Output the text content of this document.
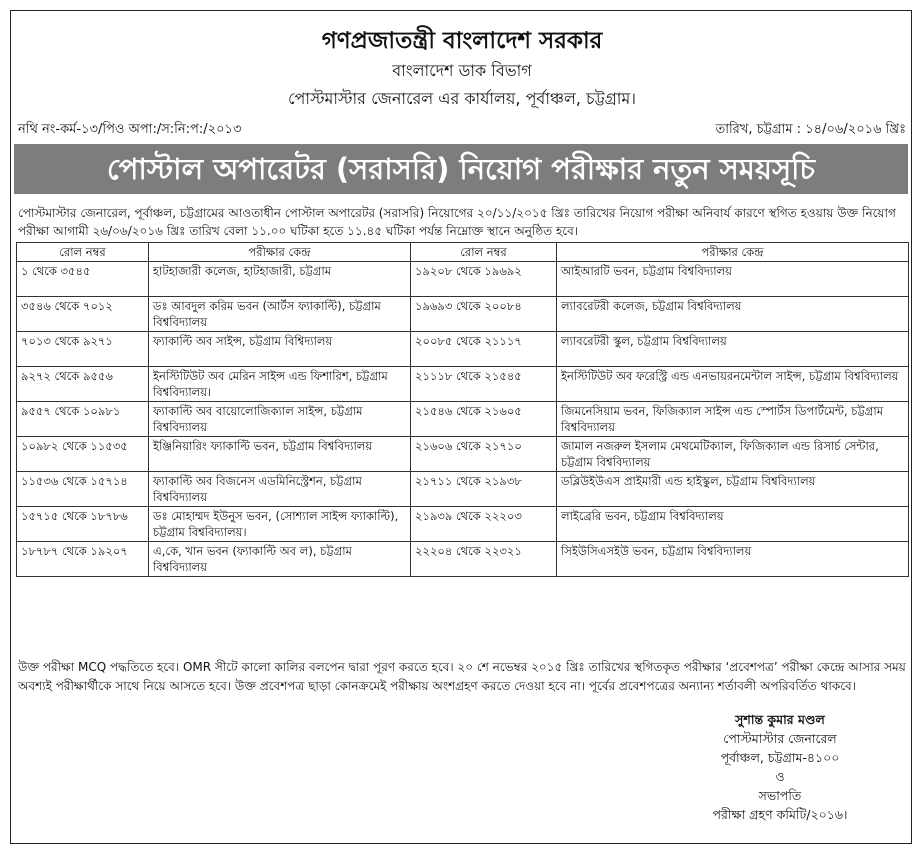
গণপ্রজাতন্ত্রী বাংলাদেশ সরকার
বাংলাদেশ ডাক বিভাগ
পোস্টমাস্টার জেনারেল এর কার্যালয়, পূর্বাঞ্চল, চট্টগ্রাম।
নথি নং-কর্ম-১৩/পিও অপা:/স:নি:প:/২০১৩	তারিখ, চট্টগ্রাম : ১৪/০৬/২০১৬ খ্রিঃ
পোস্টাল অপারেটর (সরাসরি) নিয়োগ পরীক্ষার নতুন সময়সূচি
পোস্টমাস্টার জেনারেল, পূর্বাঞ্চল, চট্টগ্রামের আওতাধীন পোস্টাল অপারেটর (সরাসরি) নিয়োগের ২০/১১/২০১৫ খ্রিঃ তারিখের নিয়োগ পরীক্ষা অনিবার্য কারণে স্থগিত হওয়ায় উক্ত নিয়োগ পরীক্ষা আগামী ২৬/০৬/২০১৬ খ্রিঃ তারিখ বেলা ১১.০০ ঘটিকা হতে ১১.৪৫ ঘটিকা পর্যন্ত নিম্নোক্ত স্থানে অনুষ্ঠিত হবে।
রোল নম্বর	পরীক্ষার কেন্দ্র	রোল নম্বর	পরীক্ষার কেন্দ্র
১ থেকে ৩৫৪৫	হাটহাজারী কলেজ, হাটহাজারী, চট্টগ্রাম	১৯২০৮ থেকে ১৯৬৯২	আইআরটি ভবন, চট্টগ্রাম বিশ্ববিদ্যালয়
৩৫৪৬ থেকে ৭০১২	ডঃ আবদুল করিম ভবন (আর্টস ফ্যাকাল্টি), চট্টগ্রাম বিশ্ববিদ্যালয়	১৯৬৯৩ থেকে ২০০৮৪	ল্যাবরেটরী কলেজ, চট্টগ্রাম বিশ্ববিদ্যালয়
৭০১৩ থেকে ৯২৭১	ফ্যাকাল্টি অব সাইন্স, চট্টগ্রাম বিশ্বিদ্যালয়	২০০৮৫ থেকে ২১১১৭	ল্যাবরেটরী স্কুল, চট্টগ্রাম বিশ্ববিদ্যালয়
৯২৭২ থেকে ৯৫৫৬	ইনস্টিটিউট অব মেরিন সাইন্স এন্ড ফিশারিশ, চট্টগ্রাম বিশ্ববিদ্যালয়।	২১১১৮ থেকে ২১৫৪৫	ইনস্টিটিউট অব ফরেস্ট্রি এন্ড এনভায়রনমেন্টাল সাইন্স, চট্টগ্রাম বিশ্ববিদ্যালয়
৯৫৫৭ থেকে ১০৯৮১	ফ্যাকাল্টি অব বায়োলোজিক্যাল সাইন্স, চট্টগ্রাম বিশ্ববিদ্যালয়	২১৫৪৬ থেকে ২১৬০৫	জিমনেসিয়াম ভবন, ফিজিক্যাল সাইন্স এন্ড স্পোর্টস ডিপার্টমেন্ট, চট্টগ্রাম বিশ্ববিদ্যালয়
১০৯৮২ থেকে ১১৫৩৫	ইঞ্জিনিয়ারিং ফ্যাকাল্টি ভবন, চট্টগ্রাম বিশ্ববিদ্যালয়	২১৬০৬ থেকে ২১৭১০	জামাল নজরুল ইসলাম মেথমেটিক্যাল, ফিজিক্যাল এন্ড রিসার্চ সেন্টার, চট্টগ্রাম বিশ্ববিদ্যালয়
১১৫৩৬ থেকে ১৫৭১৪	ফ্যাকাল্টি অব বিজনেস এডমিনিস্ট্রেশন, চট্টগ্রাম বিশ্ববিদ্যালয়	২১৭১১ থেকে ২১৯৩৮	ডব্লিউইউএস প্রাইমারী এন্ড হাইস্কুল, চট্টগ্রাম বিশ্ববিদ্যালয়
১৫৭১৫ থেকে ১৮৭৮৬	ডঃ মোহাম্মদ ইউনুস ভবন, (সোশ্যাল সাইন্স ফ্যাকাল্টি), চট্টগ্রাম বিশ্ববিদ্যালয়।	২১৯৩৯ থেকে ২২২০৩	লাইব্রেরি ভবন, চট্টগ্রাম বিশ্ববিদ্যালয়
১৮৭৮৭ থেকে ১৯২০৭	এ,কে, খান ভবন (ফ্যাকাল্টি অব ল), চট্টগ্রাম বিশ্ববিদ্যালয়	২২২০৪ থেকে ২২৩২১	সিইউসিএসইউ ভবন, চট্টগ্রাম বিশ্ববিদ্যালয়
উক্ত পরীক্ষা MCQ পদ্ধতিতে হবে। OMR সীটে কালো কালির বলপেন দ্বারা পূরণ করতে হবে। ২০ শে নভেম্বর ২০১৫ খ্রিঃ তারিখের স্থগিতকৃত পরীক্ষার ‘প্রবেশপত্র’ পরীক্ষা কেন্দ্রে আসার সময় অবশ্যই পরীক্ষার্থীকে সাথে নিয়ে আসতে হবে। উক্ত প্রবেশপত্র ছাড়া কোনক্রমেই পরীক্ষায় অংশগ্রহণ করতে দেওয়া হবে না। পূর্বের প্রবেশপত্রের অন্যান্য শর্তাবলী অপরিবর্তিত থাকবে।
সুশান্ত কুমার মণ্ডল
পোস্টমাস্টার জেনারেল
পূর্বাঞ্চল, চট্টগ্রাম-৪১০০
ও
সভাপতি
পরীক্ষা গ্রহণ কমিটি/২০১৬।
